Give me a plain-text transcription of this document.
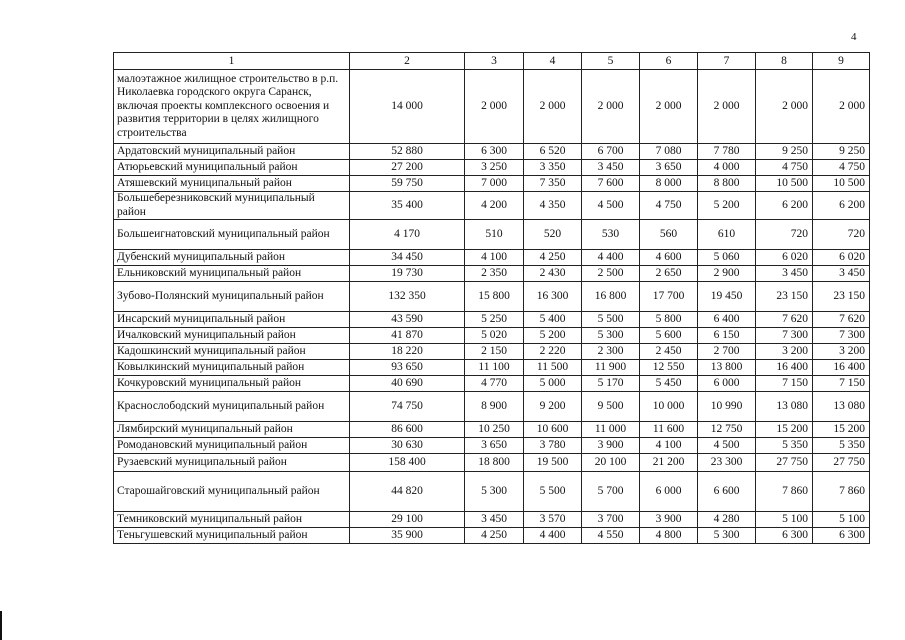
4
1	2	3	4	5	6	7	8	9
малоэтажное жилищное строительство в р.п. Николаевка городского округа Саранск, включая проекты комплексного освоения и развития территории в целях жилищного строительства	14 000	2 000	2 000	2 000	2 000	2 000	2 000	2 000
Ардатовский муниципальный район	52 880	6 300	6 520	6 700	7 080	7 780	9 250	9 250
Атюрьевский муниципальный район	27 200	3 250	3 350	3 450	3 650	4 000	4 750	4 750
Атяшевский муниципальный район	59 750	7 000	7 350	7 600	8 000	8 800	10 500	10 500
Большеберезниковский муниципальный район	35 400	4 200	4 350	4 500	4 750	5 200	6 200	6 200
Большеигнатовский муниципальный район	4 170	510	520	530	560	610	720	720
Дубенский муниципальный район	34 450	4 100	4 250	4 400	4 600	5 060	6 020	6 020
Ельниковский муниципальный район	19 730	2 350	2 430	2 500	2 650	2 900	3 450	3 450
Зубово-Полянский муниципальный район	132 350	15 800	16 300	16 800	17 700	19 450	23 150	23 150
Инсарский муниципальный район	43 590	5 250	5 400	5 500	5 800	6 400	7 620	7 620
Ичалковский муниципальный район	41 870	5 020	5 200	5 300	5 600	6 150	7 300	7 300
Кадошкинский муниципальный район	18 220	2 150	2 220	2 300	2 450	2 700	3 200	3 200
Ковылкинский муниципальный район	93 650	11 100	11 500	11 900	12 550	13 800	16 400	16 400
Кочкуровский муниципальный район	40 690	4 770	5 000	5 170	5 450	6 000	7 150	7 150
Краснослободский муниципальный район	74 750	8 900	9 200	9 500	10 000	10 990	13 080	13 080
Лямбирский муниципальный район	86 600	10 250	10 600	11 000	11 600	12 750	15 200	15 200
Ромодановский муниципальный район	30 630	3 650	3 780	3 900	4 100	4 500	5 350	5 350
Рузаевский муниципальный район	158 400	18 800	19 500	20 100	21 200	23 300	27 750	27 750
Старошайговский муниципальный район	44 820	5 300	5 500	5 700	6 000	6 600	7 860	7 860
Темниковский муниципальный район	29 100	3 450	3 570	3 700	3 900	4 280	5 100	5 100
Теньгушевский муниципальный район	35 900	4 250	4 400	4 550	4 800	5 300	6 300	6 300
